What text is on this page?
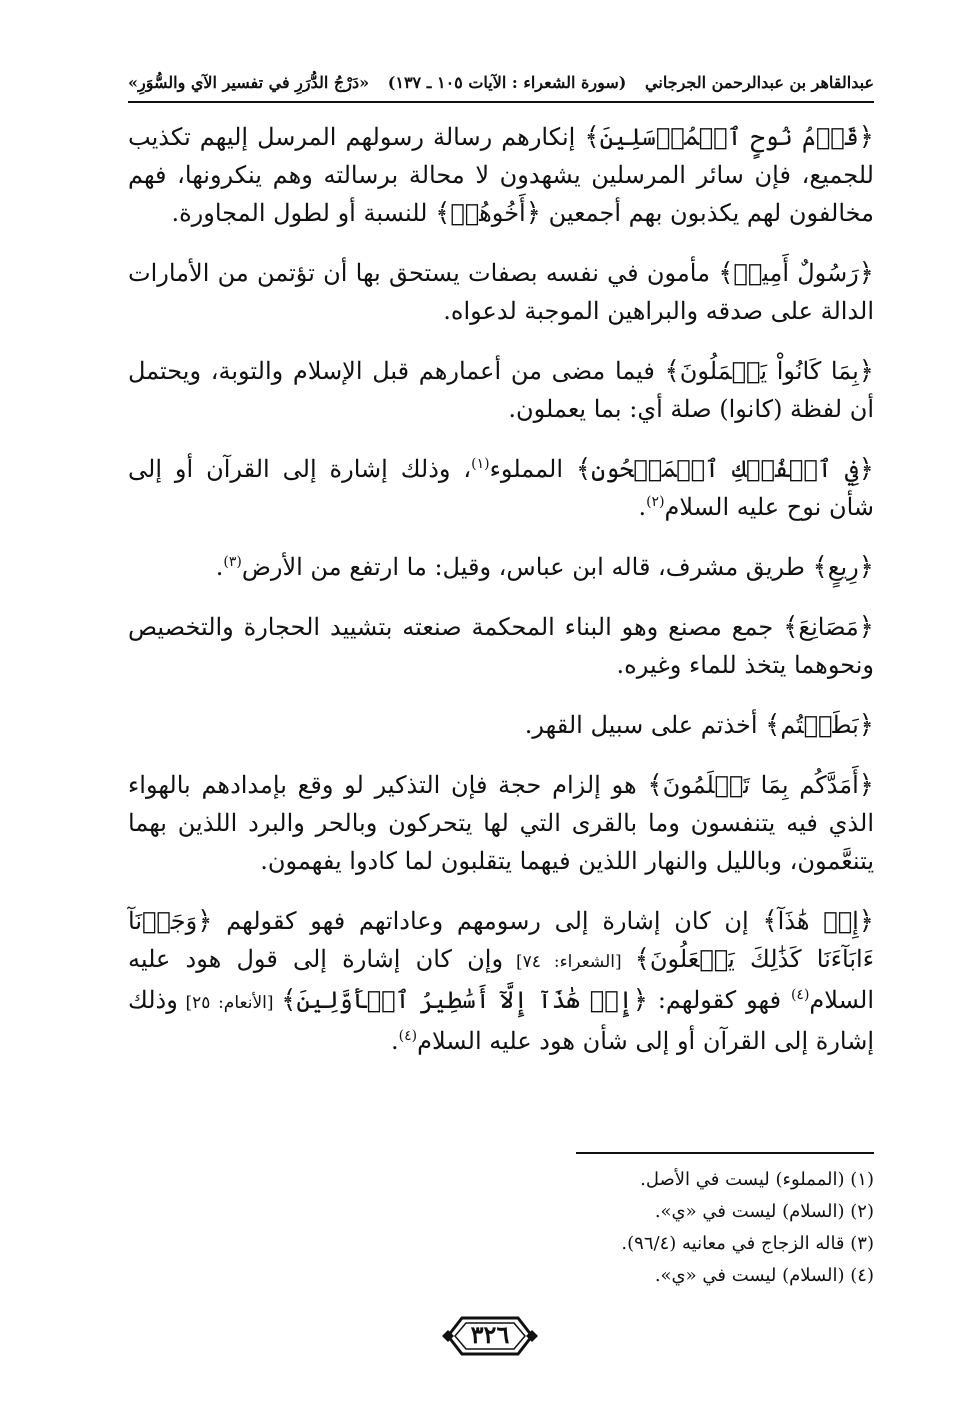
عبدالقاهر بن عبدالرحمن الجرجاني
(سورة الشعراء : الآيات ١٠٥ ـ ١٣٧)
«دَرْجُ الدُّرَرِ في تفسير الآي والسُّوَرِ»

﴿قَوۡمُ نُوحٍ ٱلۡمُرۡسَلِينَ﴾ إنكارهم رسالة رسولهم المرسل إليهم تكذيب للجميع، فإن سائر المرسلين يشهدون لا محالة برسالته وهم ينكرونها، فهم مخالفون لهم يكذبون بهم أجمعين ﴿أَخُوهُمۡ﴾ للنسبة أو لطول المجاورة.

﴿رَسُولٌ أَمِينٞ﴾ مأمون في نفسه بصفات يستحق بها أن تؤتمن من الأمارات الدالة على صدقه والبراهين الموجبة لدعواه.

﴿بِمَا كَانُواْ يَعۡمَلُونَ﴾ فيما مضى من أعمارهم قبل الإسلام والتوبة، ويحتمل أن لفظة (كانوا) صلة أي: بما يعملون.

﴿فِي ٱلۡفُلۡكِ ٱلۡمَشۡحُونِ﴾ المملوء$^{(١)}$، وذلك إشارة إلى القرآن أو إلى شأن نوح عليه السلام$^{(٢)}$.

﴿رِيعٍ﴾ طريق مشرف، قاله ابن عباس، وقيل: ما ارتفع من الأرض$^{(٣)}$.

﴿مَصَانِعَ﴾ جمع مصنع وهو البناء المحكمة صنعته بتشييد الحجارة والتخصيص ونحوهما يتخذ للماء وغيره.

﴿بَطَشۡتُم﴾ أخذتم على سبيل القهر.

﴿أَمَدَّكُم بِمَا تَعۡلَمُونَ﴾ هو إلزام حجة فإن التذكير لو وقع بإمدادهم بالهواء الذي فيه يتنفسون وما بالقرى التي لها يتحركون وبالحر والبرد اللذين بهما يتنعَّمون، وبالليل والنهار اللذين فيهما يتقلبون لما كادوا يفهمون.

﴿إِنۡ هَٰذَآ﴾ إن كان إشارة إلى رسومهم وعاداتهم فهو كقولهم ﴿وَجَدۡنَآ ءَابَآءَنَا كَذَٰلِكَ يَفۡعَلُونَ﴾ [الشعراء: ٧٤] وإن كان إشارة إلى قول هود عليه السلام$^{(٤)}$ فهو كقولهم: ﴿إِنۡ هَٰذَآ إِلَّآ أَسَٰطِيرُ ٱلۡأَوَّلِينَ﴾ [الأنعام: ٢٥] وذلك إشارة إلى القرآن أو إلى شأن هود عليه السلام$^{(٤)}$.

(١) (المملوء) ليست في الأصل.
(٢) (السلام) ليست في «ي».
(٣) قاله الزجاج في معانيه (٩٦/٤).
(٤) (السلام) ليست في «ي».
٣٢٦
